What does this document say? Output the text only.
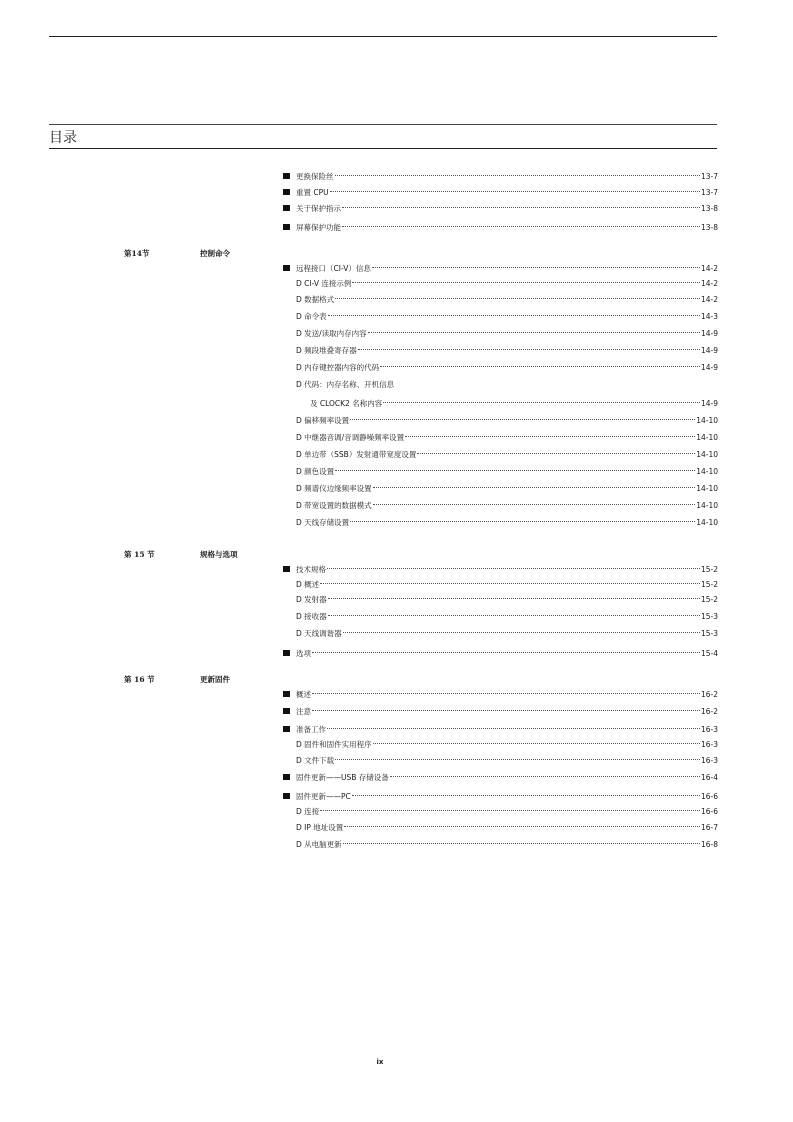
目录
更换保险丝	13-7
重置 CPU	13-7
关于保护指示	13-8
屏幕保护功能	13-8
第14节	控制命令
远程接口（CI-V）信息	14-2
D CI-V 连接示例	14-2
D 数据格式	14-2
D 命令表	14-3
D 发送/读取内存内容	14-9
D 频段堆叠寄存器	14-9
D 内存键控器内容的代码	14-9
D 代码：内存名称、开机信息
及 CLOCK2 名称内容	14-9
D 偏移频率设置	14-10
D 中继器音调/音调静噪频率设置	14-10
D 单边带（SSB）发射通带宽度设置	14-10
D 颜色设置	14-10
D 频谱仪边缘频率设置	14-10
D 带宽设置的数据模式	14-10
D 天线存储设置	14-10
第 15 节	规格与选项
技术规格	15-2
D 概述	15-2
D 发射器	15-2
D 接收器	15-3
D 天线调谐器	15-3
选项	15-4
第 16 节	更新固件
概述	16-2
注意	16-2
准备工作	16-3
D 固件和固件实用程序	16-3
D 文件下载	16-3
固件更新——USB 存储设备	16-4
固件更新——PC	16-6
D 连接	16-6
D IP 地址设置	16-7
D 从电脑更新	16-8
ix
